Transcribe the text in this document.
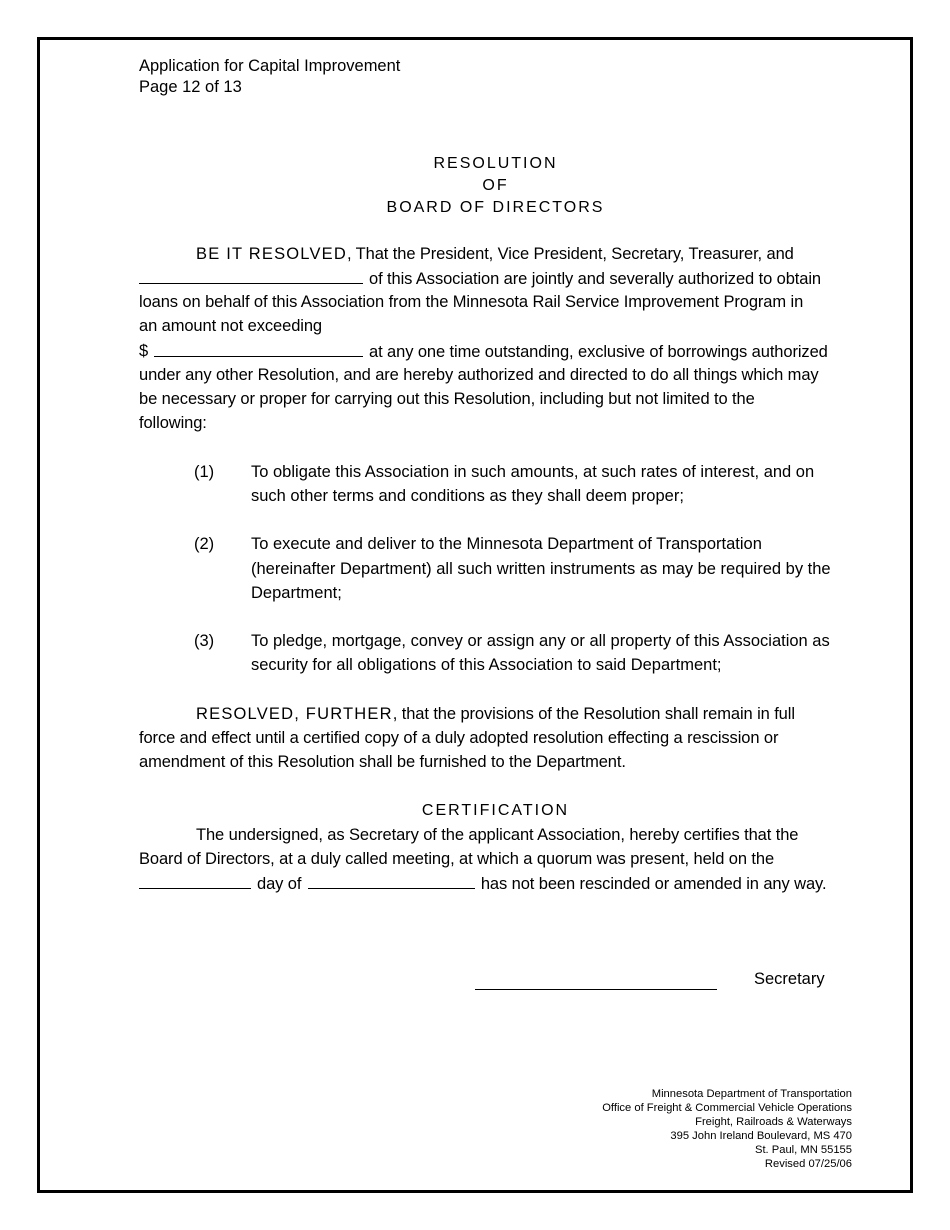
Application for Capital Improvement
Page 12 of 13
RESOLUTION
OF
BOARD OF DIRECTORS
BE IT RESOLVED, That the President, Vice President, Secretary, Treasurer, and
of this Association are jointly and severally authorized to obtain
loans on behalf of this Association from the Minnesota Rail Service Improvement Program in
an amount not exceeding
$	at any one time outstanding, exclusive of borrowings authorized
under any other Resolution, and are hereby authorized and directed to do all things which may
be necessary or proper for carrying out this Resolution, including but not limited to the
following:
(1) To obligate this Association in such amounts, at such rates of interest, and on
such other terms and conditions as they shall deem proper;
(2) To execute and deliver to the Minnesota Department of Transportation
(hereinafter Department) all such written instruments as may be required by the
Department;
(3) To pledge, mortgage, convey or assign any or all property of this Association as
security for all obligations of this Association to said Department;
RESOLVED, FURTHER, that the provisions of the Resolution shall remain in full
force and effect until a certified copy of a duly adopted resolution effecting a rescission or
amendment of this Resolution shall be furnished to the Department.
CERTIFICATION
The undersigned, as Secretary of the applicant Association, hereby certifies that the
Board of Directors, at a duly called meeting, at which a quorum was present, held on the
day of	has not been rescinded or amended in any way.
Secretary
Minnesota Department of Transportation
Office of Freight & Commercial Vehicle Operations
Freight, Railroads & Waterways
395 John Ireland Boulevard, MS 470
St. Paul, MN 55155
Revised 07/25/06
